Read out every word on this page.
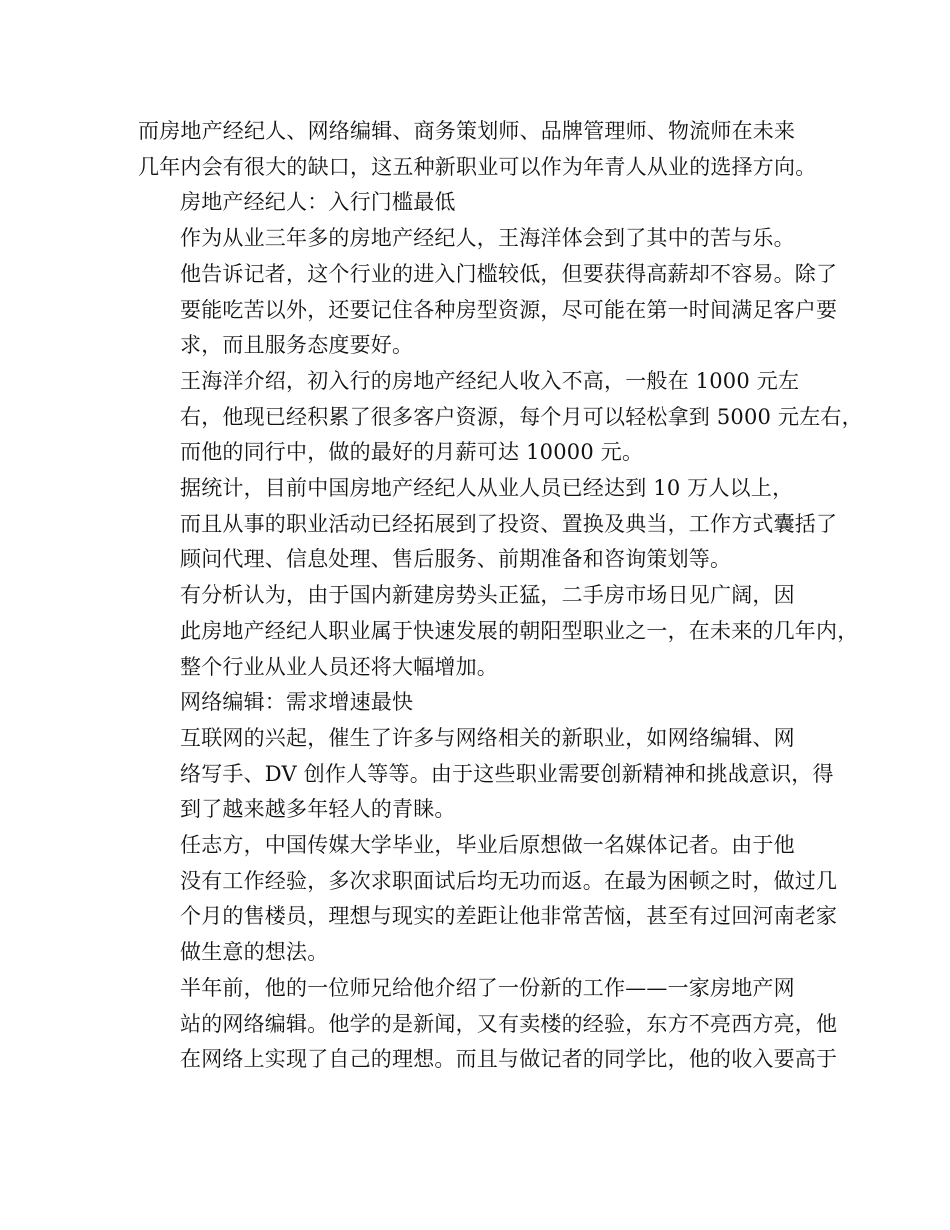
而房地产经纪人、网络编辑、商务策划师、品牌管理师、物流师在未来
几年内会有很大的缺口，这五种新职业可以作为年青人从业的选择方向。

房地产经纪人：入行门槛最低

作为从业三年多的房地产经纪人，王海洋体会到了其中的苦与乐。
他告诉记者，这个行业的进入门槛较低，但要获得高薪却不容易。除了
要能吃苦以外，还要记住各种房型资源，尽可能在第一时间满足客户要
求，而且服务态度要好。

王海洋介绍，初入行的房地产经纪人收入不高，一般在 1000 元左
右，他现已经积累了很多客户资源，每个月可以轻松拿到 5000 元左右，
而他的同行中，做的最好的月薪可达 10000 元。

据统计，目前中国房地产经纪人从业人员已经达到 10 万人以上，
而且从事的职业活动已经拓展到了投资、置换及典当，工作方式囊括了
顾问代理、信息处理、售后服务、前期准备和咨询策划等。

有分析认为，由于国内新建房势头正猛，二手房市场日见广阔，因
此房地产经纪人职业属于快速发展的朝阳型职业之一，在未来的几年内，
整个行业从业人员还将大幅增加。

网络编辑：需求增速最快

互联网的兴起，催生了许多与网络相关的新职业，如网络编辑、网
络写手、DV 创作人等等。由于这些职业需要创新精神和挑战意识，得
到了越来越多年轻人的青睐。

任志方，中国传媒大学毕业，毕业后原想做一名媒体记者。由于他
没有工作经验，多次求职面试后均无功而返。在最为困顿之时，做过几
个月的售楼员，理想与现实的差距让他非常苦恼，甚至有过回河南老家
做生意的想法。

半年前，他的一位师兄给他介绍了一份新的工作——一家房地产网
站的网络编辑。他学的是新闻，又有卖楼的经验，东方不亮西方亮，他
在网络上实现了自己的理想。而且与做记者的同学比，他的收入要高于
